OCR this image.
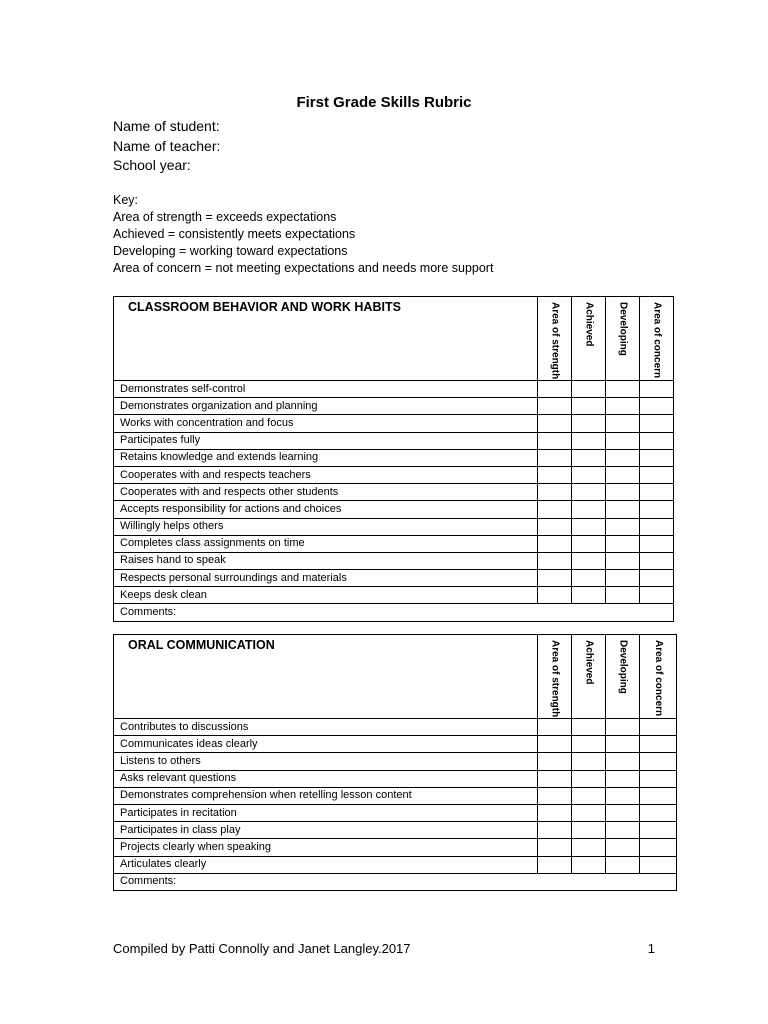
First Grade Skills Rubric
Name of student:
Name of teacher:
School year:
Key:
Area of strength = exceeds expectations
Achieved = consistently meets expectations
Developing = working toward expectations
Area of concern = not meeting expectations and needs more support
CLASSROOM BEHAVIOR AND WORK HABITS	Area of strength	Achieved	Developing	Area of concern

Demonstrates self-control				
Demonstrates organization and planning				
Works with concentration and focus				
Participates fully				
Retains knowledge and extends learning				
Cooperates with and respects teachers				
Cooperates with and respects other students				
Accepts responsibility for actions and choices				
Willingly helps others				
Completes class assignments on time				
Raises hand to speak				
Respects personal surroundings and materials				
Keeps desk clean				
Comments:				
ORAL COMMUNICATION	Area of strength	Achieved	Developing	Area of concern

Contributes to discussions				
Communicates ideas clearly				
Listens to others				
Asks relevant questions				
Demonstrates comprehension when retelling lesson content				
Participates in recitation				
Participates in class play				
Projects clearly when speaking				
Articulates clearly				
Comments:				
Compiled by Patti Connolly and Janet Langley.2017	1
